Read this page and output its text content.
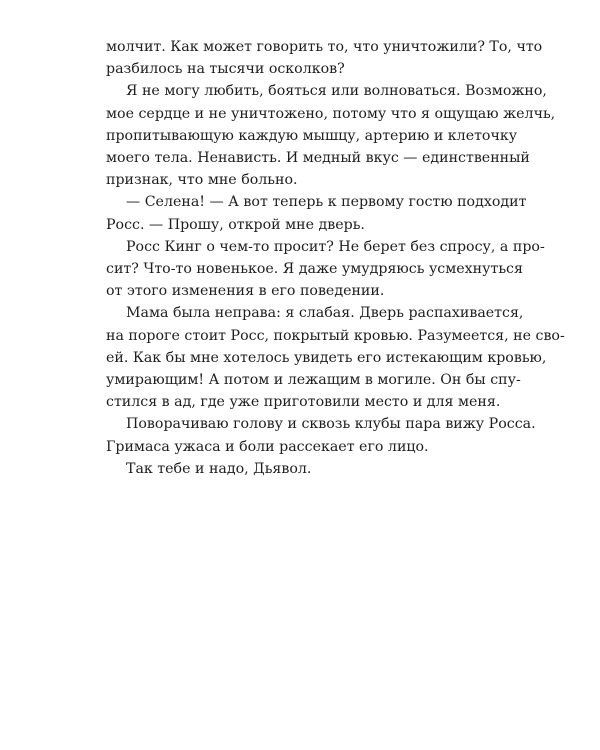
молчит. Как может говорить то, что уничтожили? То, что
разбилось на тысячи осколков?
Я не могу любить, бояться или волноваться. Возможно,
мое сердце и не уничтожено, потому что я ощущаю желчь,
пропитывающую каждую мышцу, артерию и клеточку
моего тела. Ненависть. И медный вкус — единственный
признак, что мне больно.
— Селена! — А вот теперь к первому гостю подходит
Росс. — Прошу, открой мне дверь.
Росс Кинг о чем-то просит? Не берет без спросу, а про-
сит? Что-то новенькое. Я даже умудряюсь усмехнуться
от этого изменения в его поведении.
Мама была неправа: я слабая. Дверь распахивается,
на пороге стоит Росс, покрытый кровью. Разумеется, не сво-
ей. Как бы мне хотелось увидеть его истекающим кровью,
умирающим! А потом и лежащим в могиле. Он бы спу-
стился в ад, где уже приготовили место и для меня.
Поворачиваю голову и сквозь клубы пара вижу Росса.
Гримаса ужаса и боли рассекает его лицо.
Так тебе и надо, Дьявол.
